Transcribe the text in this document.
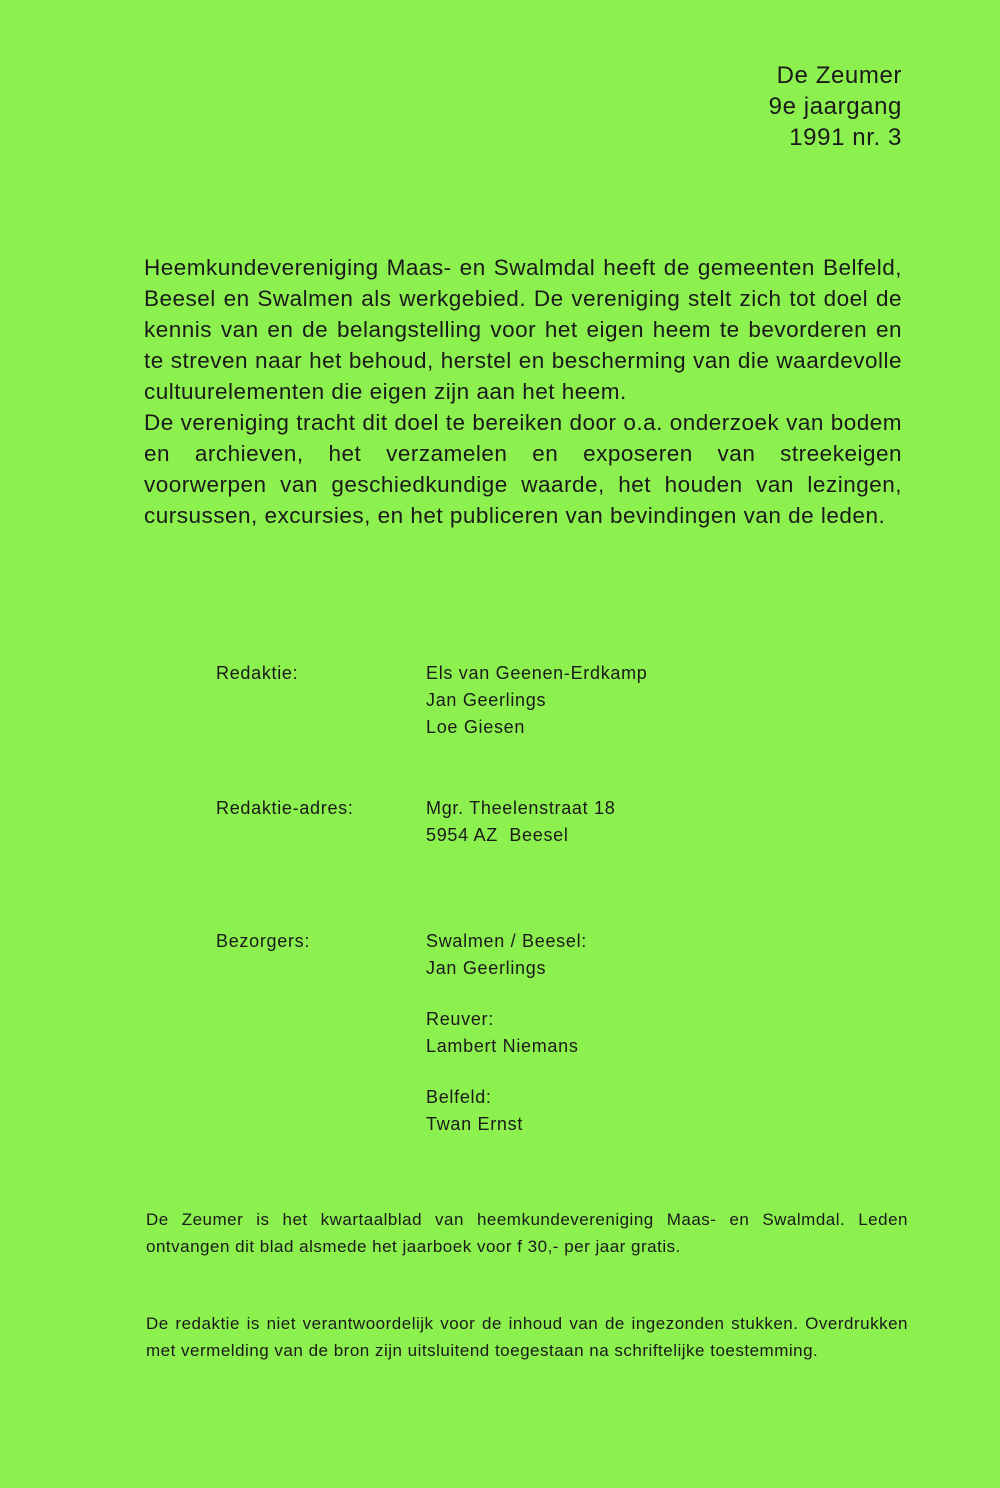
De Zeumer
9e jaargang
1991 nr. 3

Heemkundevereniging Maas- en Swalmdal heeft de gemeenten Belfeld, Beesel en Swalmen als werkgebied. De vereniging stelt zich tot doel de kennis van en de belangstelling voor het eigen heem te bevorderen en te streven naar het behoud, herstel en bescherming van die waardevolle cultuurelementen die eigen zijn aan het heem.

De vereniging tracht dit doel te bereiken door o.a. onderzoek van bodem en archieven, het verzamelen en exposeren van streekeigen voorwerpen van geschiedkundige waarde, het houden van lezingen, cursussen, excursies, en het publiceren van bevindingen van de leden.

Redaktie:	Els van Geenen-Erdkamp
Jan Geerlings
Loe Giesen
Redaktie-adres:	Mgr. Theelenstraat 18
5954 AZ  Beesel
Bezorgers:	Swalmen / Beesel:
Jan Geerlings
Reuver:
Lambert Niemans
Belfeld:
Twan Ernst

De Zeumer is het kwartaalblad van heemkundevereniging Maas- en Swalmdal. Leden ontvangen dit blad alsmede het jaarboek voor f 30,- per jaar gratis.

De redaktie is niet verantwoordelijk voor de inhoud van de ingezonden stukken. Overdrukken met vermelding van de bron zijn uitsluitend toegestaan na schriftelijke toestemming.
